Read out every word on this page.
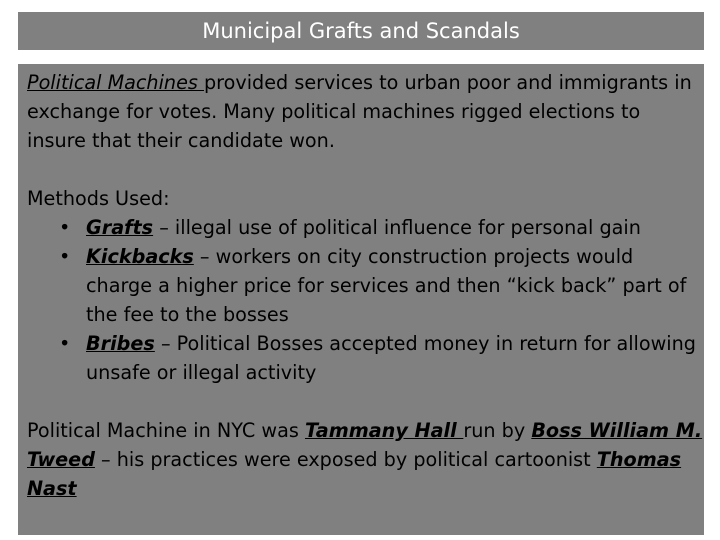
Municipal Grafts and Scandals

Political Machines provided services to urban poor and immigrants in exchange for votes. Many political machines rigged elections to insure that their candidate won.

Methods Used:

• Grafts – illegal use of political influence for personal gain
• Kickbacks – workers on city construction projects would charge a higher price for services and then “kick back” part of the fee to the bosses
• Bribes – Political Bosses accepted money in return for allowing unsafe or illegal activity

Political Machine in NYC was Tammany Hall run by Boss William M. Tweed – his practices were exposed by political cartoonist Thomas Nast
